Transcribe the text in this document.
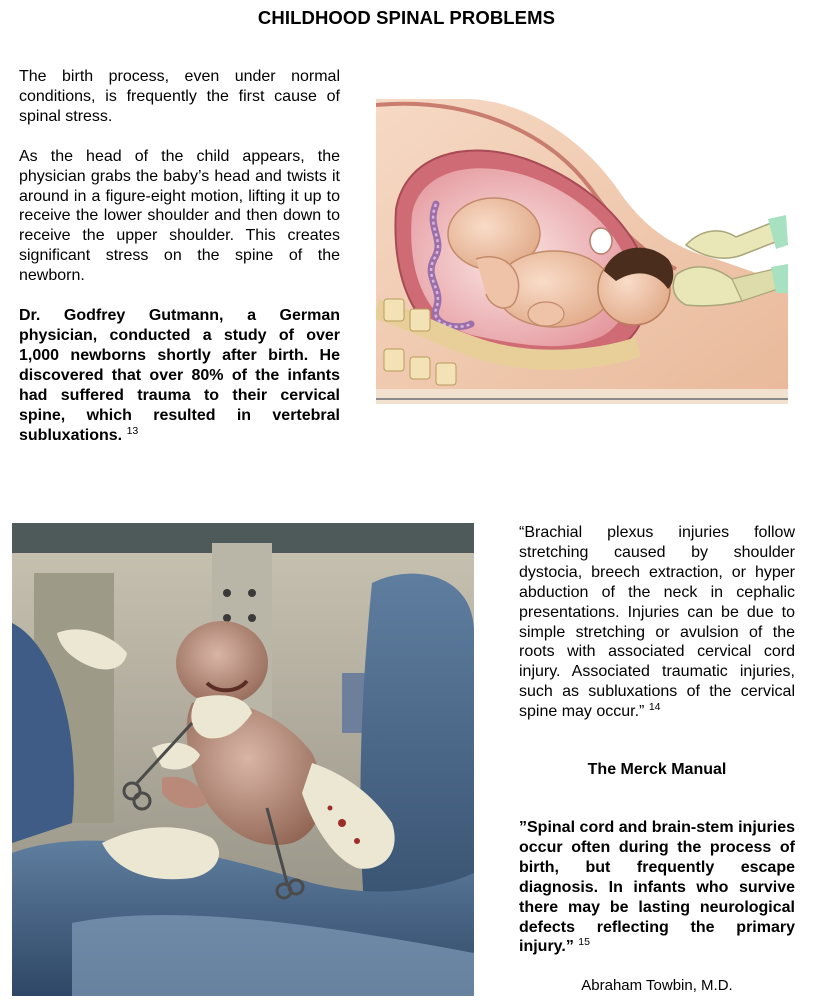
CHILDHOOD SPINAL PROBLEMS

The birth process, even under normal conditions, is frequently the first cause of spinal stress.

As the head of the child appears, the physician grabs the baby’s head and twists it around in a figure-eight motion, lifting it up to receive the lower shoulder and then down to receive the upper shoulder. This creates significant stress on the spine of the newborn.

Dr. Godfrey Gutmann, a German physician, conducted a study of over 1,000 newborns shortly after birth. He discovered that over 80% of the infants had suffered trauma to their cervical spine, which resulted in vertebral subluxations. $^{13}$

“Brachial plexus injuries follow stretching caused by shoulder dystocia, breech extraction, or hyper abduction of the neck in cephalic presentations. Injuries can be due to simple stretching or avulsion of the roots with associated cervical cord injury. Associated traumatic injuries, such as subluxations of the cervical spine may occur.” $^{14}$

The Merck Manual
”Spinal cord and brain-stem injuries occur often during the process of birth, but frequently escape diagnosis. In infants who survive there may be lasting neurological defects reflecting the primary injury.” $^{15}$
Abraham Towbin, M.D.
